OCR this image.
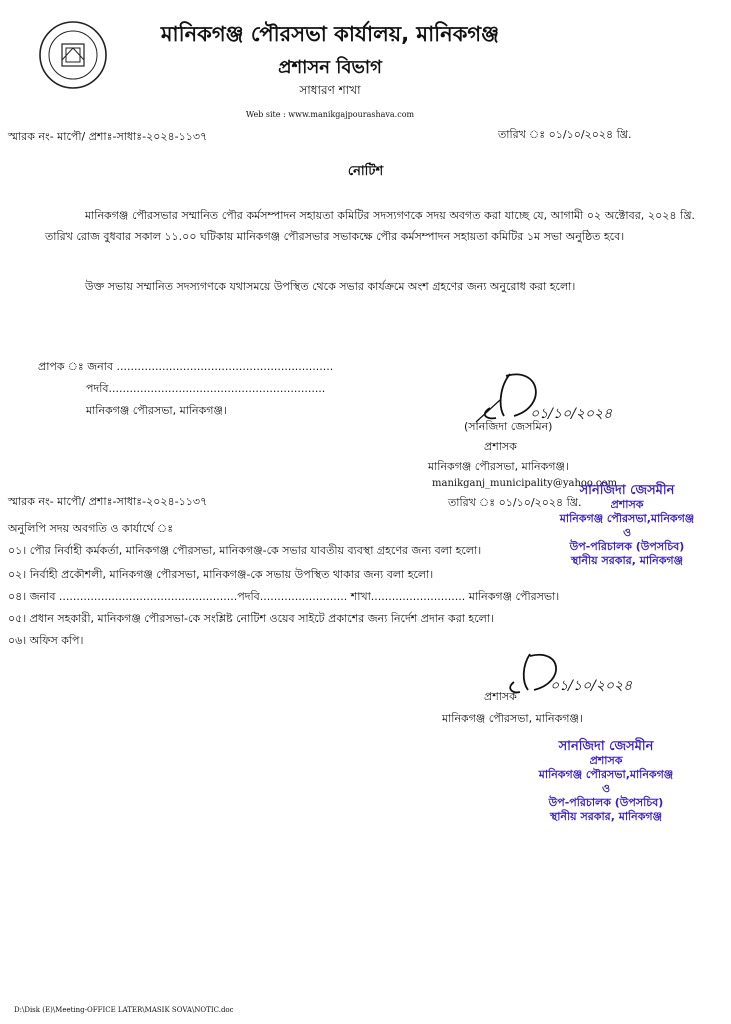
মানিকগঞ্জ পৌরসভা কার্যালয়, মানিকগঞ্জ
প্রশাসন বিভাগ
সাধারণ শাখা
Web site : www.manikgajpourashava.com
স্মারক নং- মাপৌ/ প্রশাঃ-সাধাঃ-২০২৪-১১৩৭	তারিখ ঃ ০১/১০/২০২৪ খ্রি.
নোটিশ
মানিকগঞ্জ পৌরসভার সম্মানিত পৌর কর্মসম্পাদন সহায়তা কমিটির সদস্যগণকে সদয় অবগত করা যাচ্ছে যে, আগামী ০২ অক্টোবর, ২০২৪ খ্রি. তারিখ রোজ বুধবার সকাল ১১.০০ ঘটিকায় মানিকগঞ্জ পৌরসভার সভাকক্ষে পৌর কর্মসম্পাদন সহায়তা কমিটির ১ম সভা অনুষ্ঠিত হবে।
উক্ত সভায় সম্মানিত সদস্যগণকে যথাসময়ে উপস্থিত থেকে সভার কার্যক্রমে অংশ গ্রহণের জন্য অনুরোধ করা হলো।
প্রাপক ঃ জনাব ..............................................................
পদবি..............................................................
মানিকগঞ্জ পৌরসভা, মানিকগঞ্জ।	০১/১০/২০২৪
(সানজিদা জেসমিন)
প্রশাসক
মানিকগঞ্জ পৌরসভা, মানিকগঞ্জ।
manikganj_municipality@yahoo.com
সানজিদা জেসমীন
প্রশাসক
মানিকগঞ্জ পৌরসভা,মানিকগঞ্জ
ও
উপ-পরিচালক (উপসচিব)
স্থানীয় সরকার, মানিকগঞ্জ
স্মারক নং- মাপৌ/ প্রশাঃ-সাধাঃ-২০২৪-১১৩৭	তারিখ ঃ ০১/১০/২০২৪ খ্রি.
অনুলিপি সদয় অবগতি ও কার্যার্থে ঃ
০১। পৌর নির্বাহী কর্মকর্তা, মানিকগঞ্জ পৌরসভা, মানিকগঞ্জ-কে সভার যাবতীয় ব্যবস্থা গ্রহণের জন্য বলা হলো।
০২। নির্বাহী প্রকৌশলী, মানিকগঞ্জ পৌরসভা, মানিকগঞ্জ-কে সভায় উপস্থিত থাকার জন্য বলা হলো।
০৪। জনাব ...................................................পদবি......................... শাখা........................... মানিকগঞ্জ পৌরসভা।
০৫। প্রধান সহকারী, মানিকগঞ্জ পৌরসভা-কে সংশ্লিষ্ট নোটিশ ওয়েব সাইটে প্রকাশের জন্য নির্দেশ প্রদান করা হলো।
০৬। অফিস কপি।
০১/১০/২০২৪
প্রশাসক
মানিকগঞ্জ পৌরসভা, মানিকগঞ্জ।
সানজিদা জেসমীন
প্রশাসক
মানিকগঞ্জ পৌরসভা,মানিকগঞ্জ
ও
উপ-পরিচালক (উপসচিব)
স্থানীয় সরকার, মানিকগঞ্জ
D:\Disk (E)\Meeting-OFFICE LATER\MASIK SOVA\NOTIC.doc
